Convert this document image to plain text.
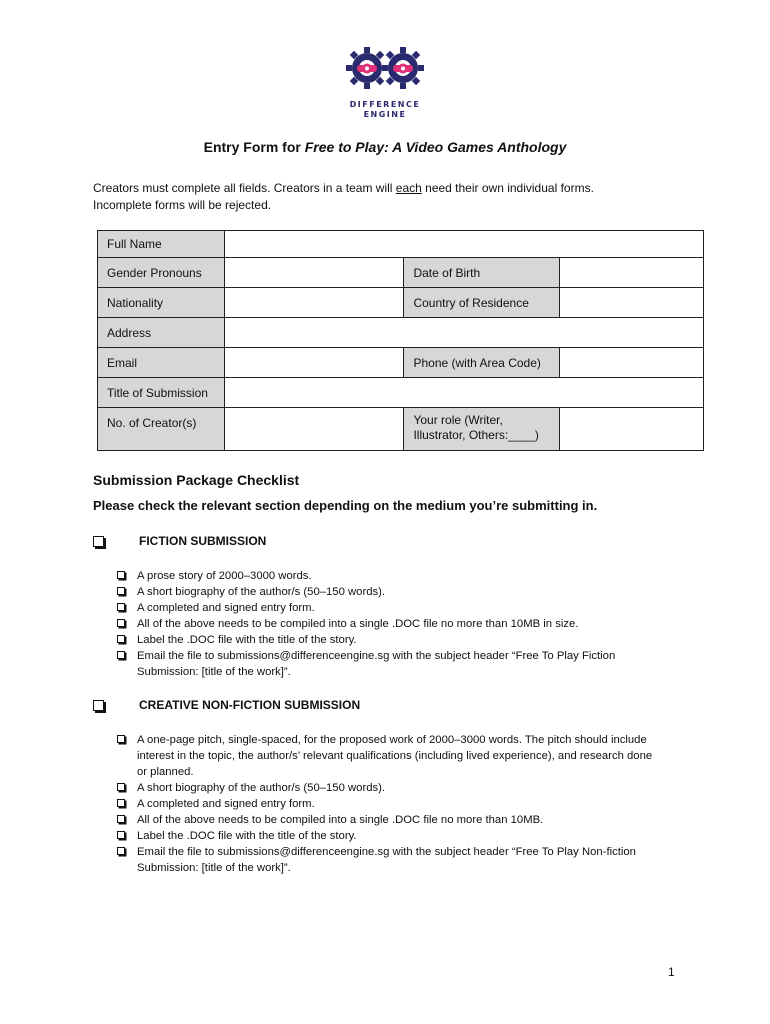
DIFFERENCE
ENGINE
Entry Form for Free to Play: A Video Games Anthology
Creators must complete all fields. Creators in a team will each need their own individual forms.
Incomplete forms will be rejected.
Full Name			
Gender Pronouns		Date of Birth	
Nationality		Country of Residence	
Address			
Email		Phone (with Area Code)	
Title of Submission			
No. of Creator(s)		Your role (Writer,
Illustrator, Others:____)	
Submission Package Checklist
Please check the relevant section depending on the medium you’re submitting in.
FICTION SUBMISSION
A prose story of 2000–3000 words.
A short biography of the author/s (50–150 words).
A completed and signed entry form.
All of the above needs to be compiled into a single .DOC file no more than 10MB in size.
Label the .DOC file with the title of the story.
Email the file to submissions@differenceengine.sg with the subject header “Free To Play Fiction Submission: [title of the work]”.
CREATIVE NON-FICTION SUBMISSION
A one-page pitch, single-spaced, for the proposed work of 2000–3000 words. The pitch should include interest in the topic, the author/s’ relevant qualifications (including lived experience), and research done or planned.
A short biography of the author/s (50–150 words).
A completed and signed entry form.
All of the above needs to be compiled into a single .DOC file no more than 10MB.
Label the .DOC file with the title of the story.
Email the file to submissions@differenceengine.sg with the subject header “Free To Play Non-fiction Submission: [title of the work]”.
1
